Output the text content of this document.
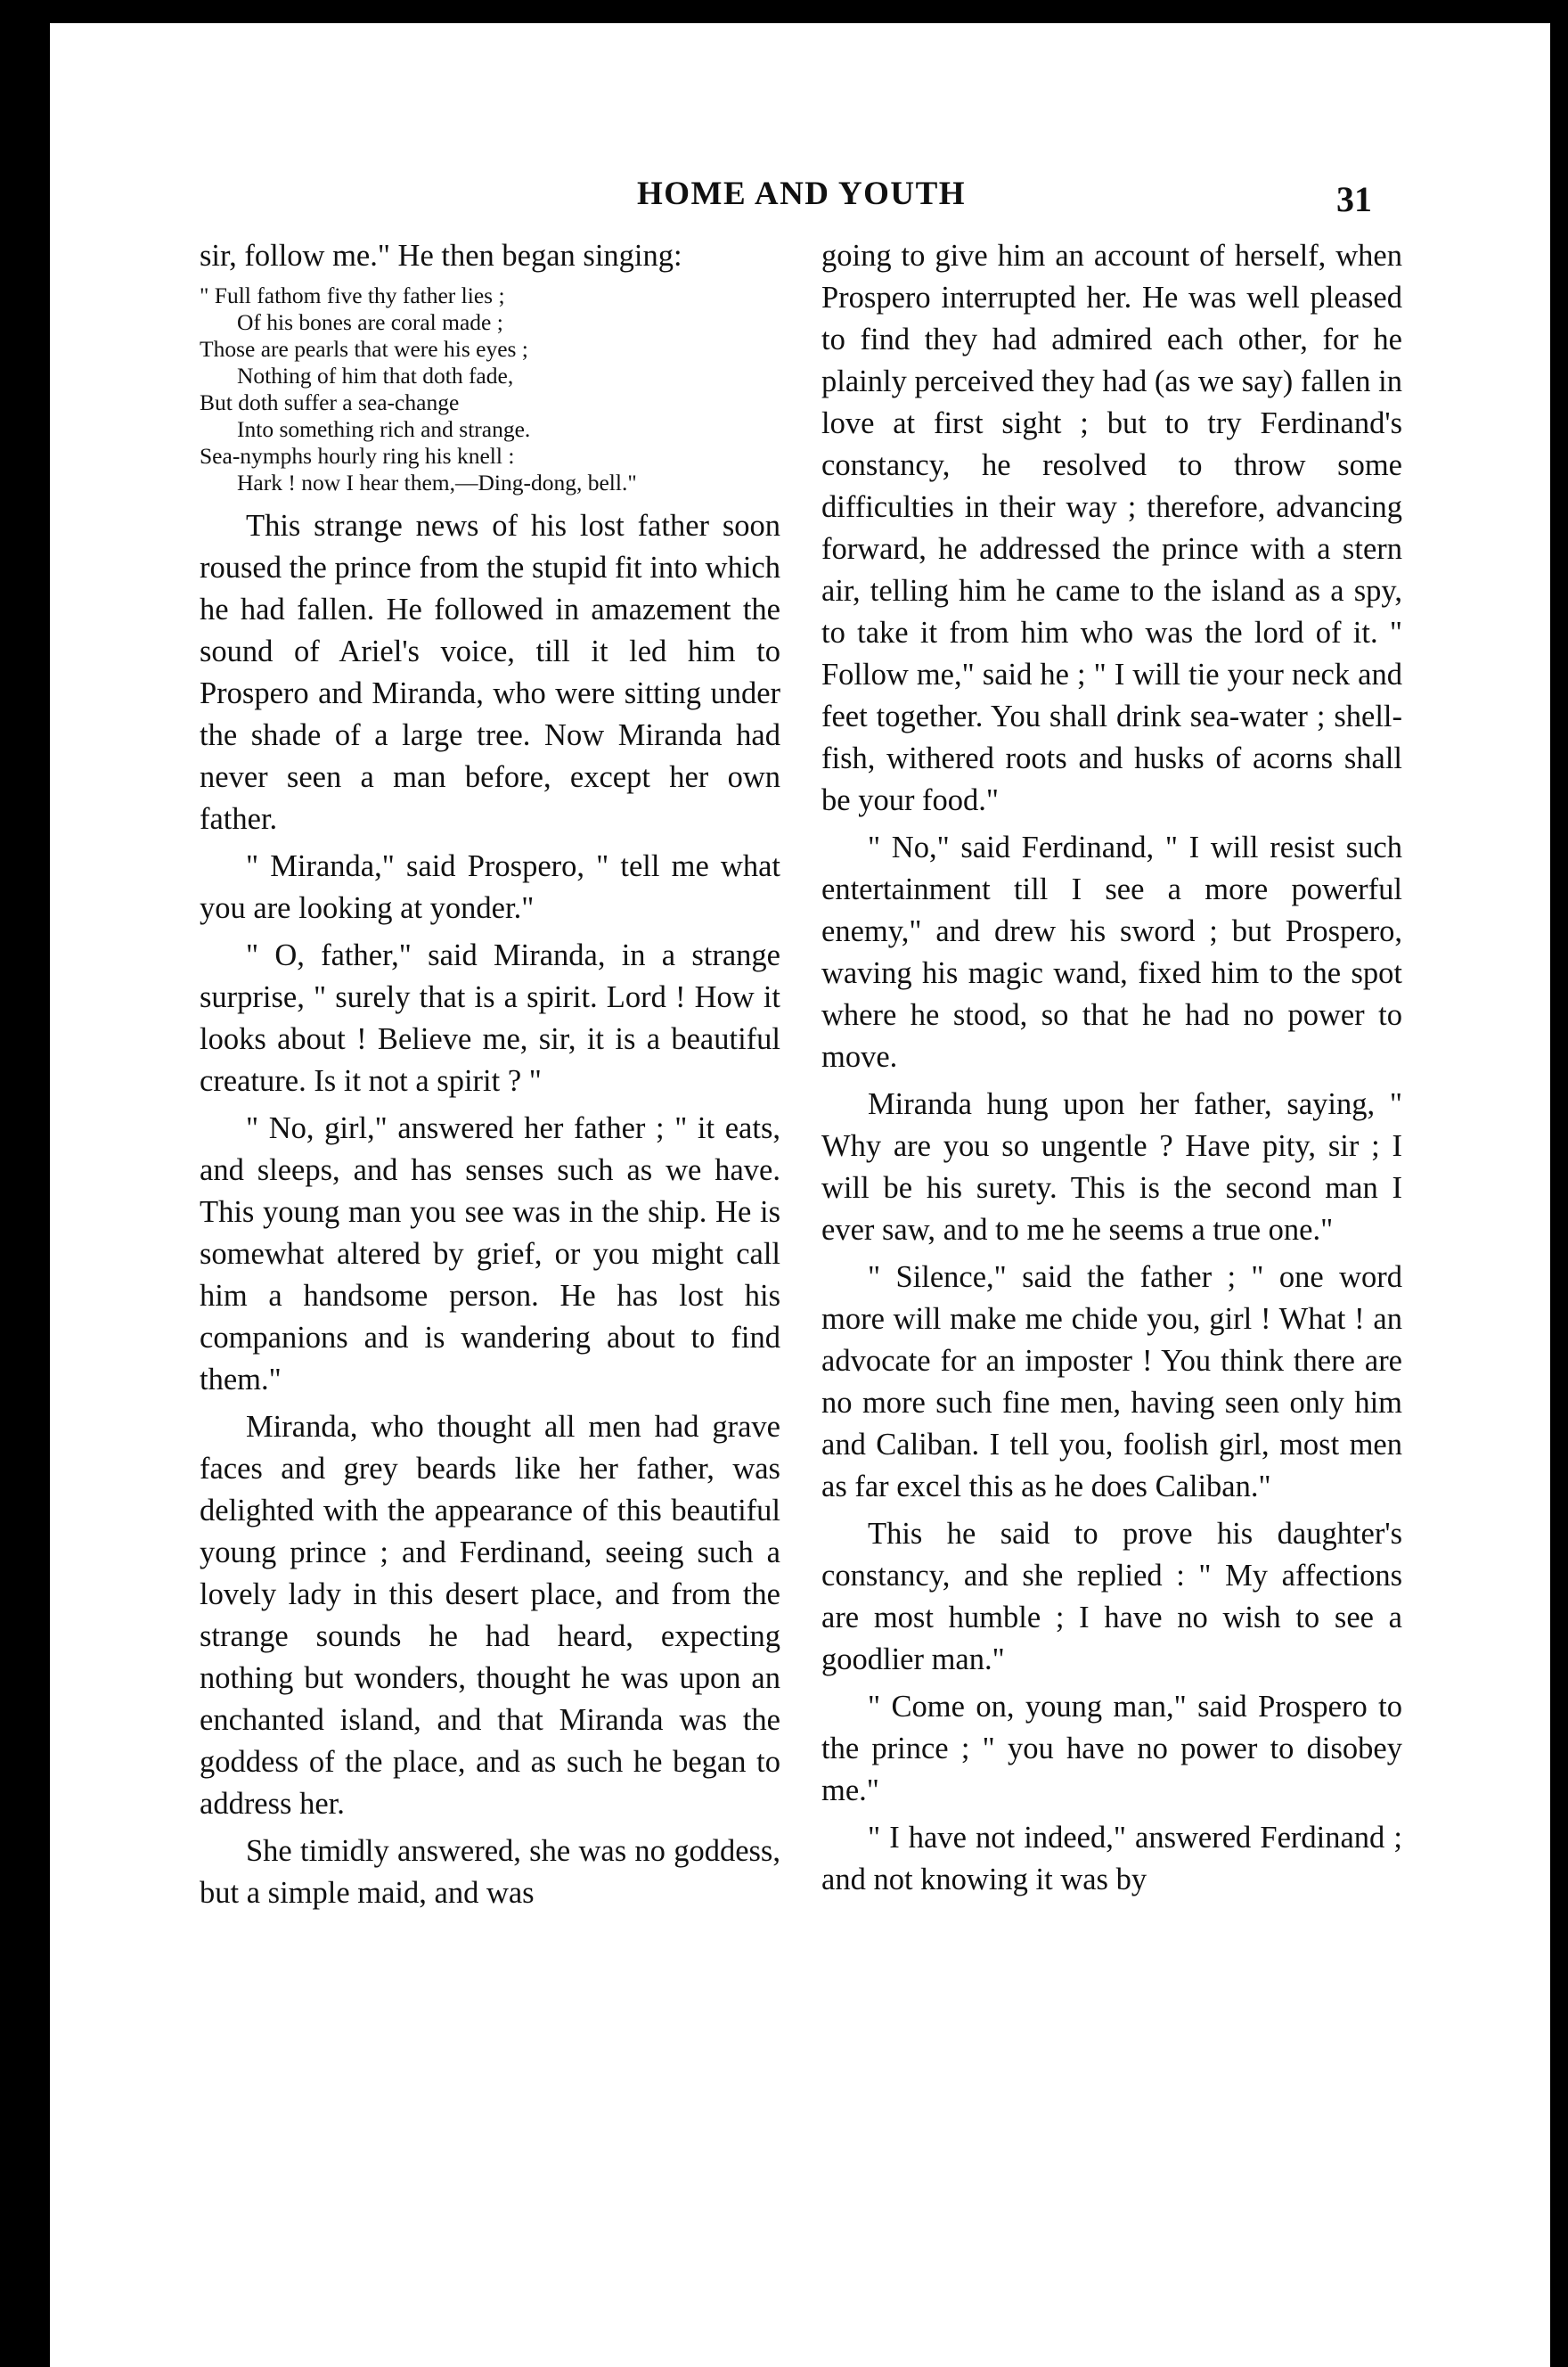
HOME AND YOUTH	31

sir, follow me." He then began singing:

" Full fathom five thy father lies ;
Of his bones are coral made ;
Those are pearls that were his eyes ;
Nothing of him that doth fade,
But doth suffer a sea-change
Into something rich and strange.
Sea-nymphs hourly ring his knell :
Hark ! now I hear them,—Ding-dong, bell."

This strange news of his lost father soon roused the prince from the stupid fit into which he had fallen. He followed in amazement the sound of Ariel's voice, till it led him to Prospero and Miranda, who were sitting under the shade of a large tree. Now Miranda had never seen a man before, except her own father.

" Miranda," said Prospero, " tell me what you are looking at yonder."

" O, father," said Miranda, in a strange surprise, " surely that is a spirit. Lord ! How it looks about ! Believe me, sir, it is a beautiful creature. Is it not a spirit ? "

" No, girl," answered her father ; " it eats, and sleeps, and has senses such as we have. This young man you see was in the ship. He is somewhat altered by grief, or you might call him a handsome person. He has lost his companions and is wandering about to find them."

Miranda, who thought all men had grave faces and grey beards like her father, was delighted with the appearance of this beautiful young prince ; and Ferdinand, seeing such a lovely lady in this desert place, and from the strange sounds he had heard, expecting nothing but wonders, thought he was upon an enchanted island, and that Miranda was the goddess of the place, and as such he began to address her.

She timidly answered, she was no goddess, but a simple maid, and was

going to give him an account of herself, when Prospero interrupted her. He was well pleased to find they had admired each other, for he plainly perceived they had (as we say) fallen in love at first sight ; but to try Ferdinand's constancy, he resolved to throw some difficulties in their way ; therefore, advancing forward, he addressed the prince with a stern air, telling him he came to the island as a spy, to take it from him who was the lord of it. " Follow me," said he ; " I will tie your neck and feet together. You shall drink sea-water ; shell-fish, withered roots and husks of acorns shall be your food."

" No," said Ferdinand, " I will resist such entertainment till I see a more powerful enemy," and drew his sword ; but Prospero, waving his magic wand, fixed him to the spot where he stood, so that he had no power to move.

Miranda hung upon her father, saying, " Why are you so ungentle ? Have pity, sir ; I will be his surety. This is the second man I ever saw, and to me he seems a true one."

" Silence," said the father ; " one word more will make me chide you, girl ! What ! an advocate for an imposter ! You think there are no more such fine men, having seen only him and Caliban. I tell you, foolish girl, most men as far excel this as he does Caliban."

This he said to prove his daughter's constancy, and she replied : " My affections are most humble ; I have no wish to see a goodlier man."

" Come on, young man," said Prospero to the prince ; " you have no power to disobey me."

" I have not indeed," answered Ferdinand ; and not knowing it was by
